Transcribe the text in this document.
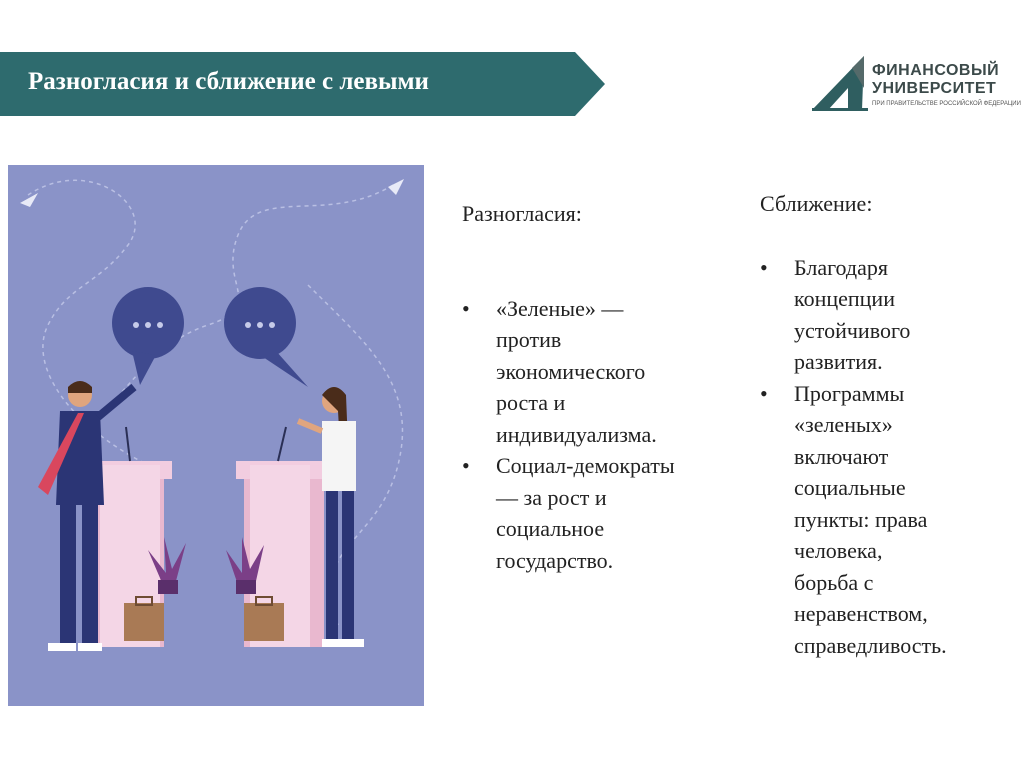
Разногласия и сближение с левыми	ФИНАНСОВЫЙ
УНИВЕРСИТЕТ
ПРИ ПРАВИТЕЛЬСТВЕ РОССИЙСКОЙ ФЕДЕРАЦИИ

Разногласия:

• «Зеленые» —
против
экономического
роста и
индивидуализма.
• Социал-демократы
— за рост и
социальное
государство.

Сближение:

• Благодаря
концепции
устойчивого
развития.
• Программы
«зеленых»
включают
социальные
пункты: права
человека,
борьба с
неравенством,
справедливость.
